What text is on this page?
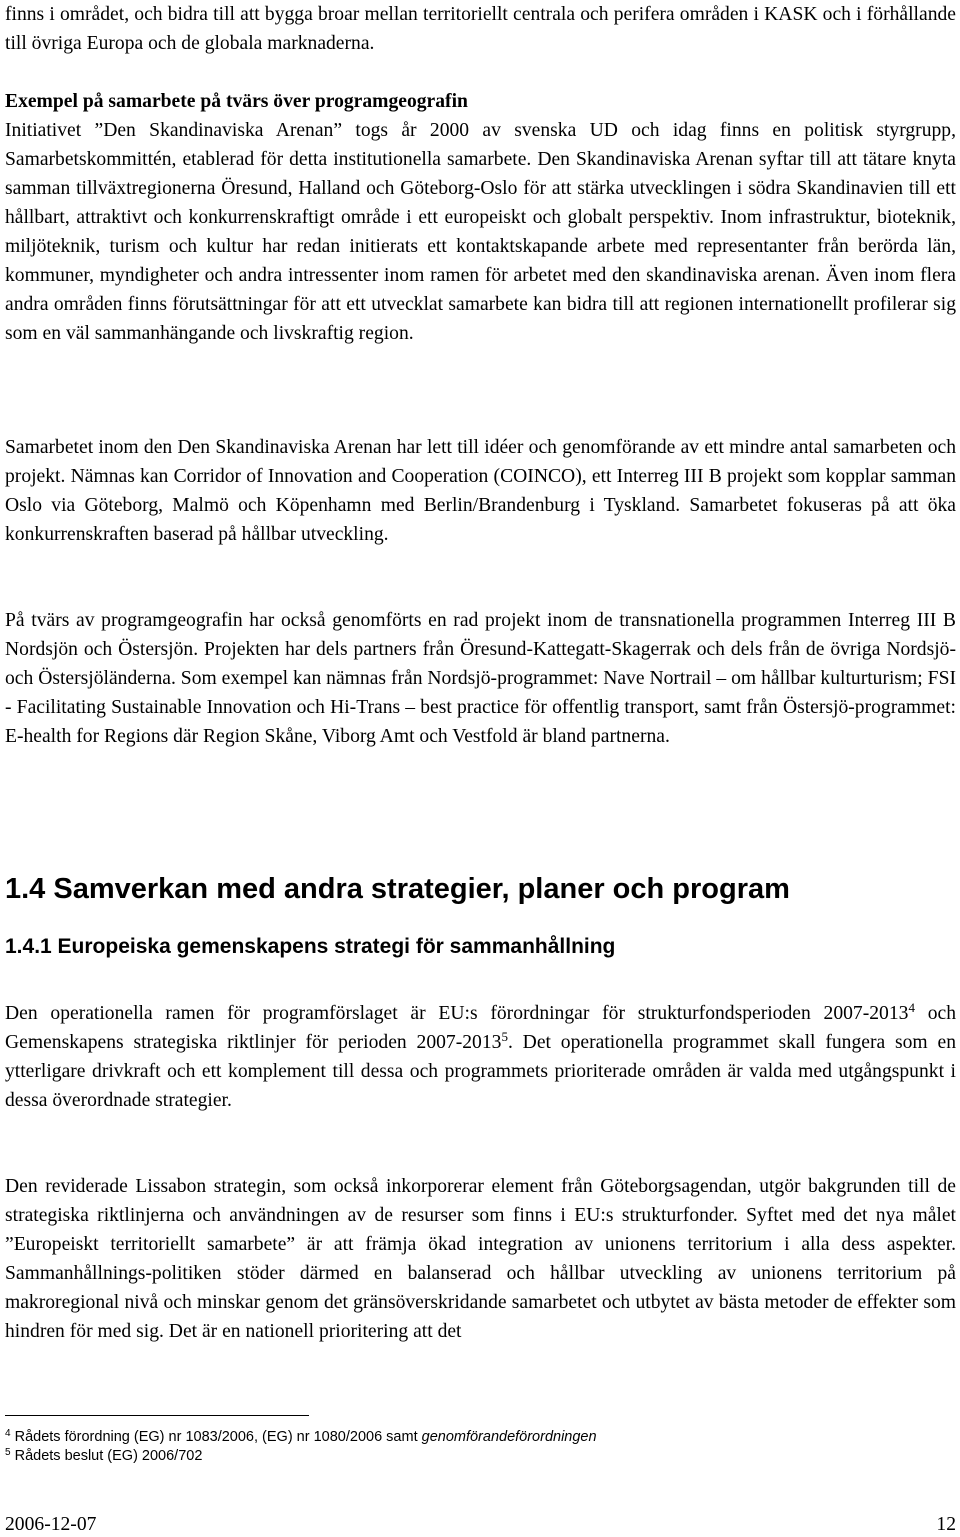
finns i området, och bidra till att bygga broar mellan territoriellt centrala och perifera områden i KASK och i förhållande till övriga Europa och de globala marknaderna.

Exempel på samarbete på tvärs över programgeografin

Initiativet ”Den Skandinaviska Arenan” togs år 2000 av svenska UD och idag finns en politisk styrgrupp, Samarbetskommittén, etablerad för detta institutionella samarbete. Den Skandinaviska Arenan syftar till att tätare knyta samman tillväxtregionerna Öresund, Halland och Göteborg-Oslo för att stärka utvecklingen i södra Skandinavien till ett hållbart, attraktivt och konkurrenskraftigt område i ett europeiskt och globalt perspektiv. Inom infrastruktur, bioteknik, miljöteknik, turism och kultur har redan initierats ett kontaktskapande arbete med representanter från berörda län, kommuner, myndigheter och andra intressenter inom ramen för arbetet med den skandinaviska arenan. Även inom flera andra områden finns förutsättningar för att ett utvecklat samarbete kan bidra till att regionen internationellt profilerar sig som en väl sammanhängande och livskraftig region.

Samarbetet inom den Den Skandinaviska Arenan har lett till idéer och genomförande av ett mindre antal samarbeten och projekt. Nämnas kan Corridor of Innovation and Cooperation (COINCO), ett Interreg III B projekt som kopplar samman Oslo via Göteborg, Malmö och Köpenhamn med Berlin/Brandenburg i Tyskland. Samarbetet fokuseras på att öka konkurrenskraften baserad på hållbar utveckling.

På tvärs av programgeografin har också genomförts en rad projekt inom de transnationella programmen Interreg III B Nordsjön och Östersjön. Projekten har dels partners från Öresund-Kattegatt-Skagerrak och dels från de övriga Nordsjö- och Östersjöländerna. Som exempel kan nämnas från Nordsjö-programmet: Nave Nortrail – om hållbar kulturturism; FSI - Facilitating Sustainable Innovation och Hi-Trans – best practice för offentlig transport, samt från Östersjö-programmet: E-health for Regions där Region Skåne, Viborg Amt och Vestfold är bland partnerna.

1.4 Samverkan med andra strategier, planer och program
1.4.1 Europeiska gemenskapens strategi för sammanhållning

Den operationella ramen för programförslaget är EU:s förordningar för strukturfondsperioden 2007-2013$^4$ och Gemenskapens strategiska riktlinjer för perioden 2007-2013$^5$. Det operationella programmet skall fungera som en ytterligare drivkraft och ett komplement till dessa och programmets prioriterade områden är valda med utgångspunkt i dessa överordnade strategier.

Den reviderade Lissabon strategin, som också inkorporerar element från Göteborgsagendan, utgör bakgrunden till de strategiska riktlinjerna och användningen av de resurser som finns i EU:s strukturfonder. Syftet med det nya målet ”Europeiskt territoriellt samarbete” är att främja ökad integration av unionens territorium i alla dess aspekter. Sammanhållnings-politiken stöder därmed en balanserad och hållbar utveckling av unionens territorium på makroregional nivå och minskar genom det gränsöverskridande samarbetet och utbytet av bästa metoder de effekter som hindren för med sig. Det är en nationell prioritering att det

$^4$ Rådets förordning (EG) nr 1083/2006, (EG) nr 1080/2006 samt genomförandeförordningen

$^5$ Rådets beslut (EG) 2006/702

2006-12-07	12
